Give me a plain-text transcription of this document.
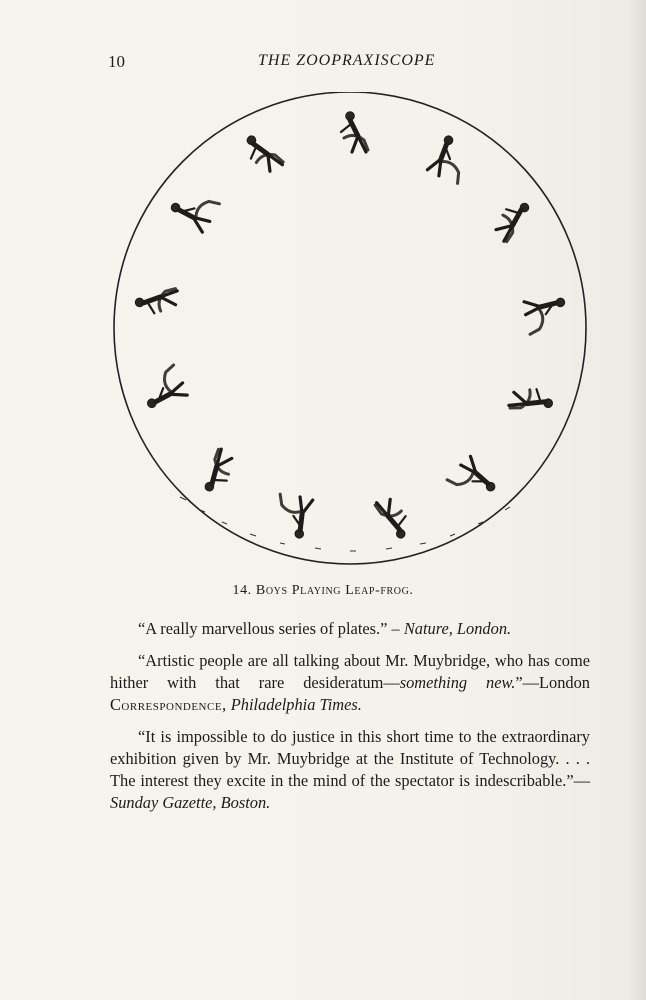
10	THE ZOOPRAXISCOPE
14. Boys Playing Leap-frog.

“A really marvellous series of plates.” – Nature, London.

“Artistic people are all talking about Mr. Muybridge, who has come hither with that rare desideratum—something new.”—London Correspondence, Philadelphia Times.

“It is impossible to do justice in this short time to the extraordinary exhibition given by Mr. Muybridge at the Institute of Technology. . . . The interest they excite in the mind of the spectator is indescribable.”—Sunday Gazette, Boston.
